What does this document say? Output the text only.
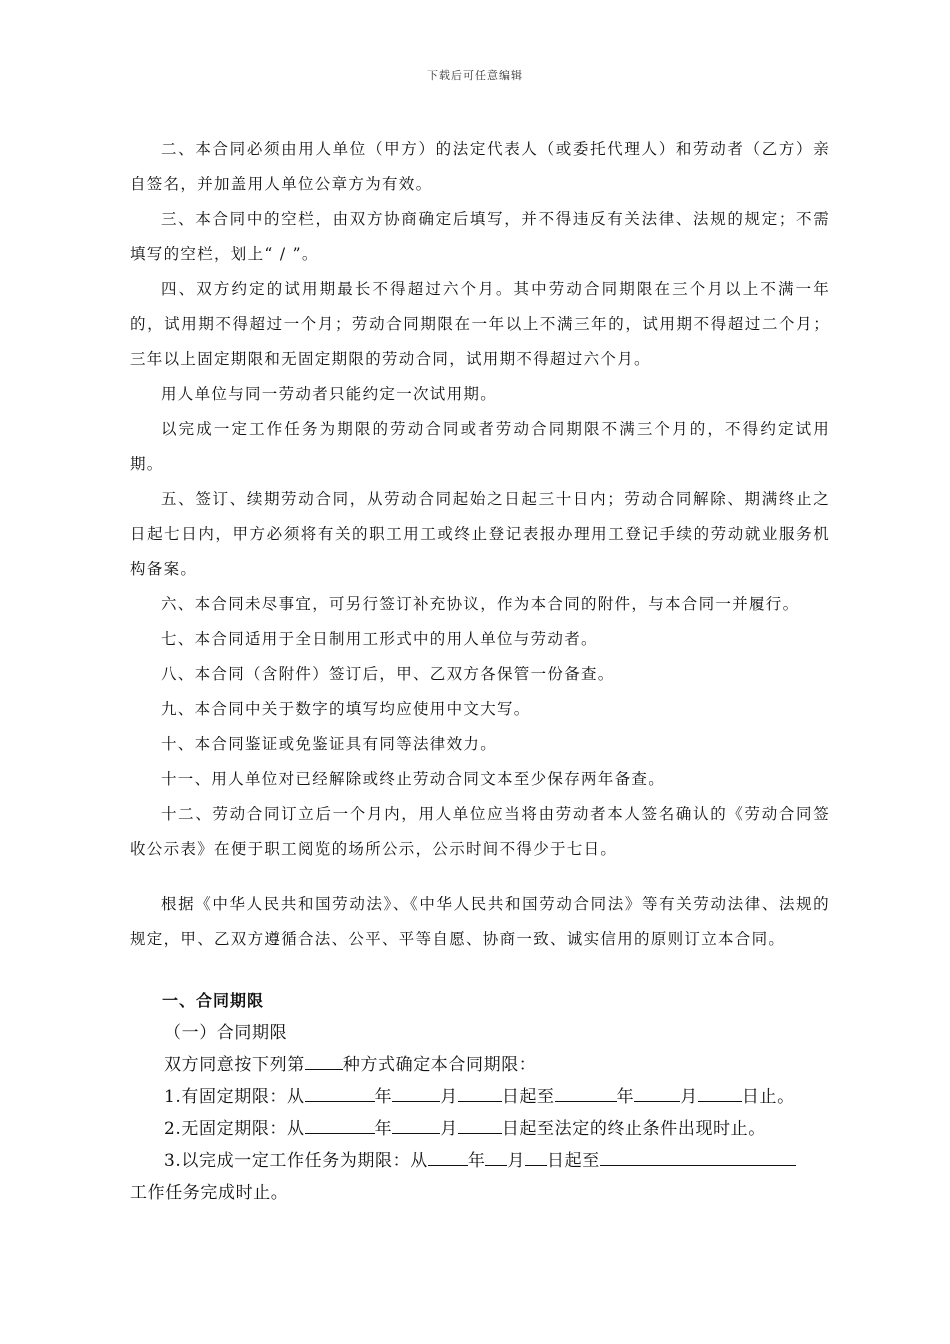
下载后可任意编辑

二、本合同必须由用人单位（甲方）的法定代表人（或委托代理人）和劳动者（乙方）亲自签名，并加盖用人单位公章方为有效。

三、本合同中的空栏，由双方协商确定后填写，并不得违反有关法律、法规的规定；不需填写的空栏，划上“ / ”。

四、双方约定的试用期最长不得超过六个月。其中劳动合同期限在三个月以上不满一年的，试用期不得超过一个月；劳动合同期限在一年以上不满三年的，试用期不得超过二个月；三年以上固定期限和无固定期限的劳动合同，试用期不得超过六个月。

用人单位与同一劳动者只能约定一次试用期。

以完成一定工作任务为期限的劳动合同或者劳动合同期限不满三个月的，不得约定试用期。

五、签订、续期劳动合同，从劳动合同起始之日起三十日内；劳动合同解除、期满终止之日起七日内，甲方必须将有关的职工用工或终止登记表报办理用工登记手续的劳动就业服务机构备案。

六、本合同未尽事宜，可另行签订补充协议，作为本合同的附件，与本合同一并履行。

七、本合同适用于全日制用工形式中的用人单位与劳动者。

八、本合同（含附件）签订后，甲、乙双方各保管一份备查。

九、本合同中关于数字的填写均应使用中文大写。

十、本合同鉴证或免鉴证具有同等法律效力。

十一、用人单位对已经解除或终止劳动合同文本至少保存两年备查。

十二、劳动合同订立后一个月内，用人单位应当将由劳动者本人签名确认的《劳动合同签收公示表》在便于职工阅览的场所公示，公示时间不得少于七日。

根据《中华人民共和国劳动法》、《中华人民共和国劳动合同法》等有关劳动法律、法规的规定，甲、乙双方遵循合法、公平、平等自愿、协商一致、诚实信用的原则订立本合同。

一、合同期限

（一）合同期限

双方同意按下列第 种方式确定本合同期限：

1.有固定期限：从	年	月	日起至	年	月	日止。

2.无固定期限：从	年	月	日起至法定的终止条件出现时止。

3.以完成一定工作任务为期限：从 年 月 日起至

工作任务完成时止。
